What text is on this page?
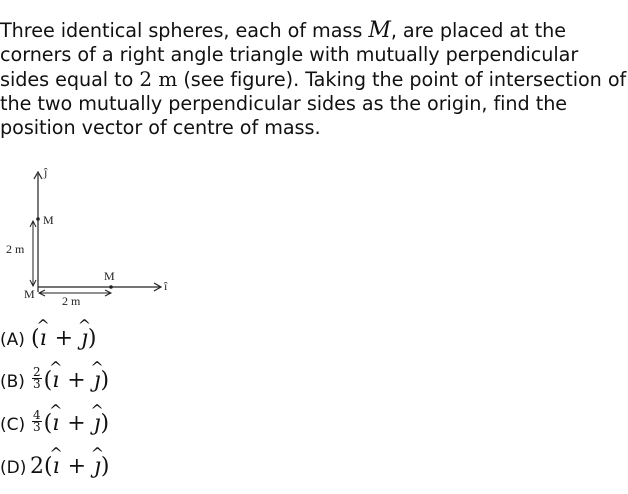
Three identical spheres, each of mass M, are placed at the corners of a right angle triangle with mutually perpendicular sides equal to 2 m (see figure). Taking the point of intersection of the two mutually perpendicular sides as the origin, find the position vector of centre of mass.
ĵ
î
M
M
M
2 m
2 m
(A) (ı ^ + ȷ ^)
$(B) \frac{2}{3}$ (ı ^ + ȷ ^)
$(C) \frac{4}{3}$ (ı ^ + ȷ ^)
(D) 2(ı ^ + ȷ ^)
